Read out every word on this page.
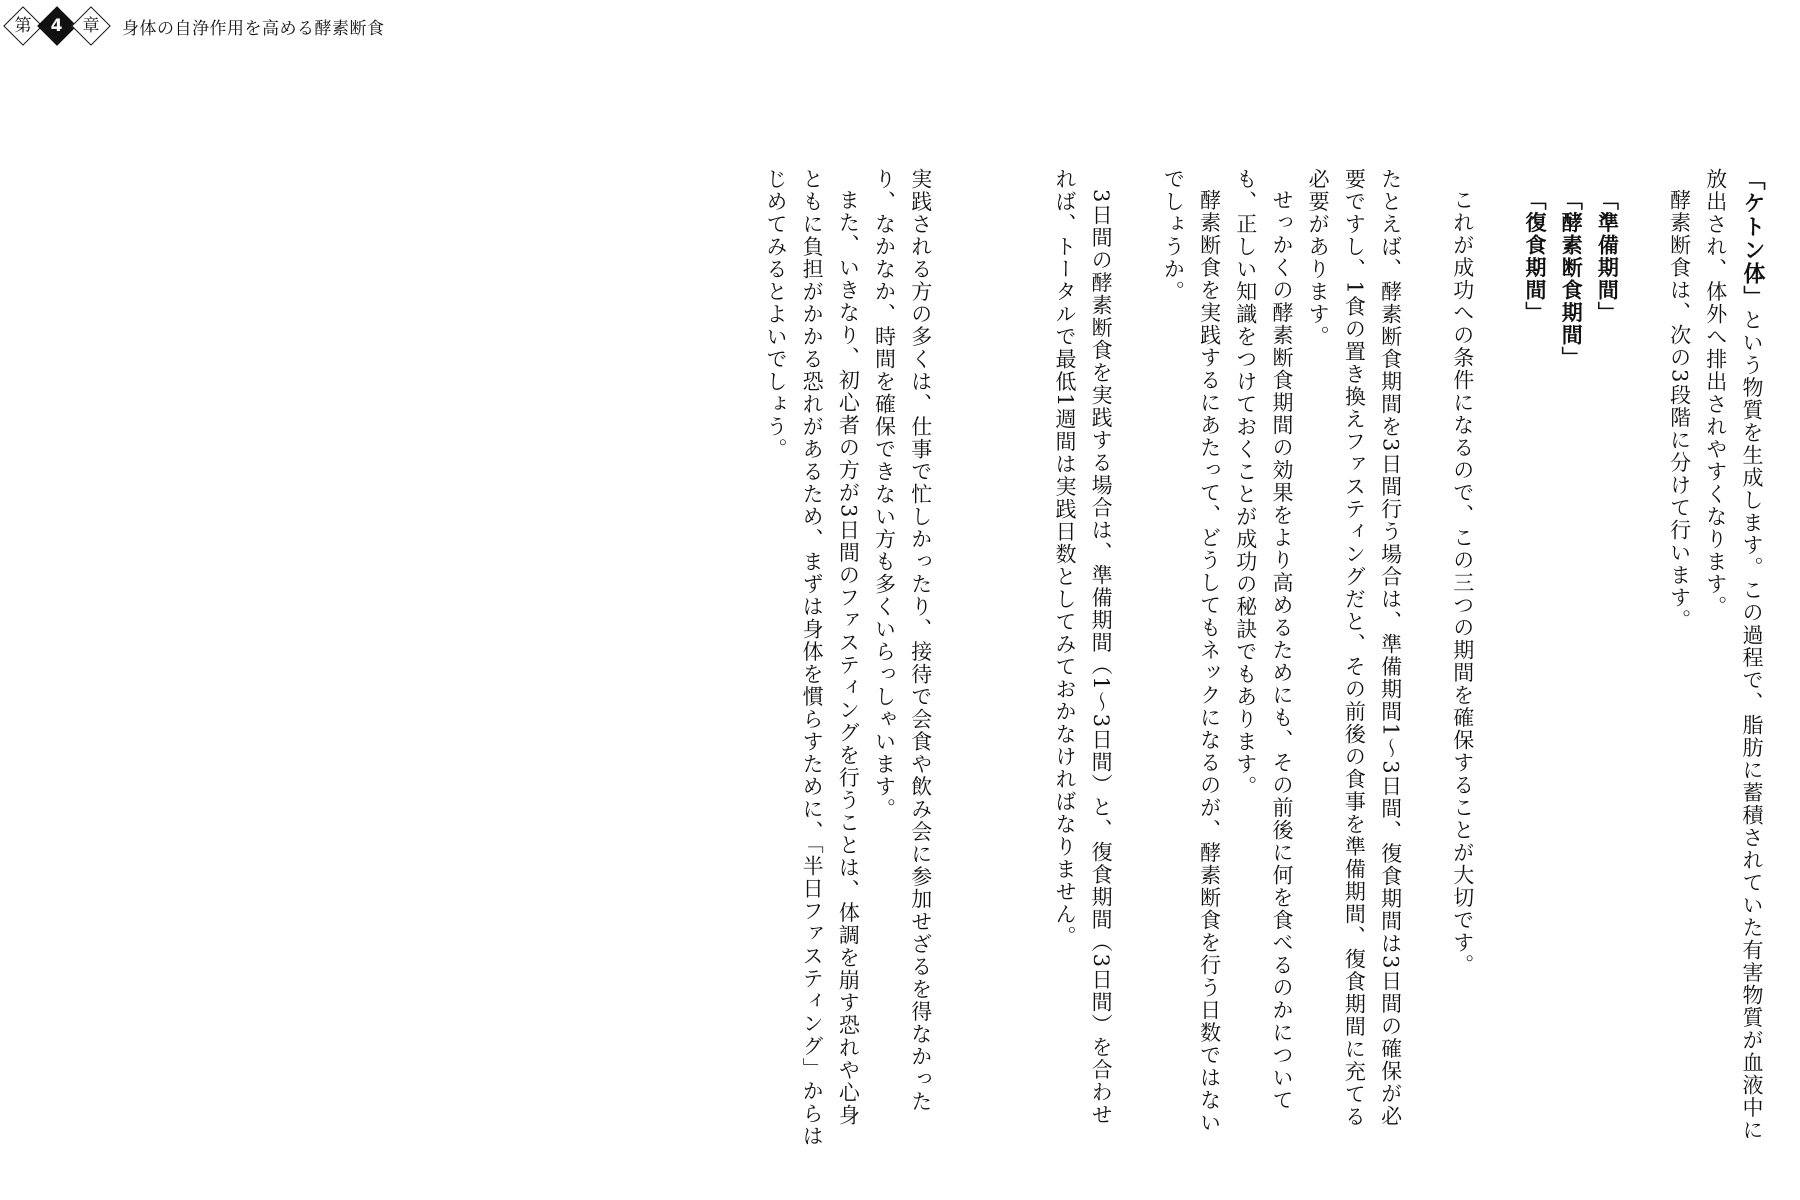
第 4 章 身体の自浄作用を高める酵素断食

「ケトン体」という物質を生成します。この過程で、脂肪に蓄積されていた有害物質が血液中に放出され、体外へ排出されやすくなります。

酵素断食は、次の3段階に分けて行います。

「準備期間」
「酵素断食期間」
「復食期間」

これが成功への条件になるので、この三つの期間を確保することが大切です。

たとえば、酵素断食期間を3日間行う場合は、準備期間1〜3日間、復食期間は3日間の確保が必要ですし、1食の置き換えファスティングだと、その前後の食事を準備期間、復食期間に充てる必要があります。

せっかくの酵素断食期間の効果をより高めるためにも、その前後に何を食べるのかについても、正しい知識をつけておくことが成功の秘訣でもあります。

酵素断食を実践するにあたって、どうしてもネックになるのが、酵素断食を行う日数ではないでしょうか。

3日間の酵素断食を実践する場合は、準備期間（1〜3日間）と、復食期間（3日間）を合わせれば、トータルで最低1週間は実践日数としてみておかなければなりません。

実践される方の多くは、仕事で忙しかったり、接待で会食や飲み会に参加せざるを得なかったり、なかなか、時間を確保できない方も多くいらっしゃいます。

また、いきなり、初心者の方が3日間のファスティングを行うことは、体調を崩す恐れや心身ともに負担がかかる恐れがあるため、まずは身体を慣らすために、「半日ファスティング」からはじめてみるとよいでしょう。
